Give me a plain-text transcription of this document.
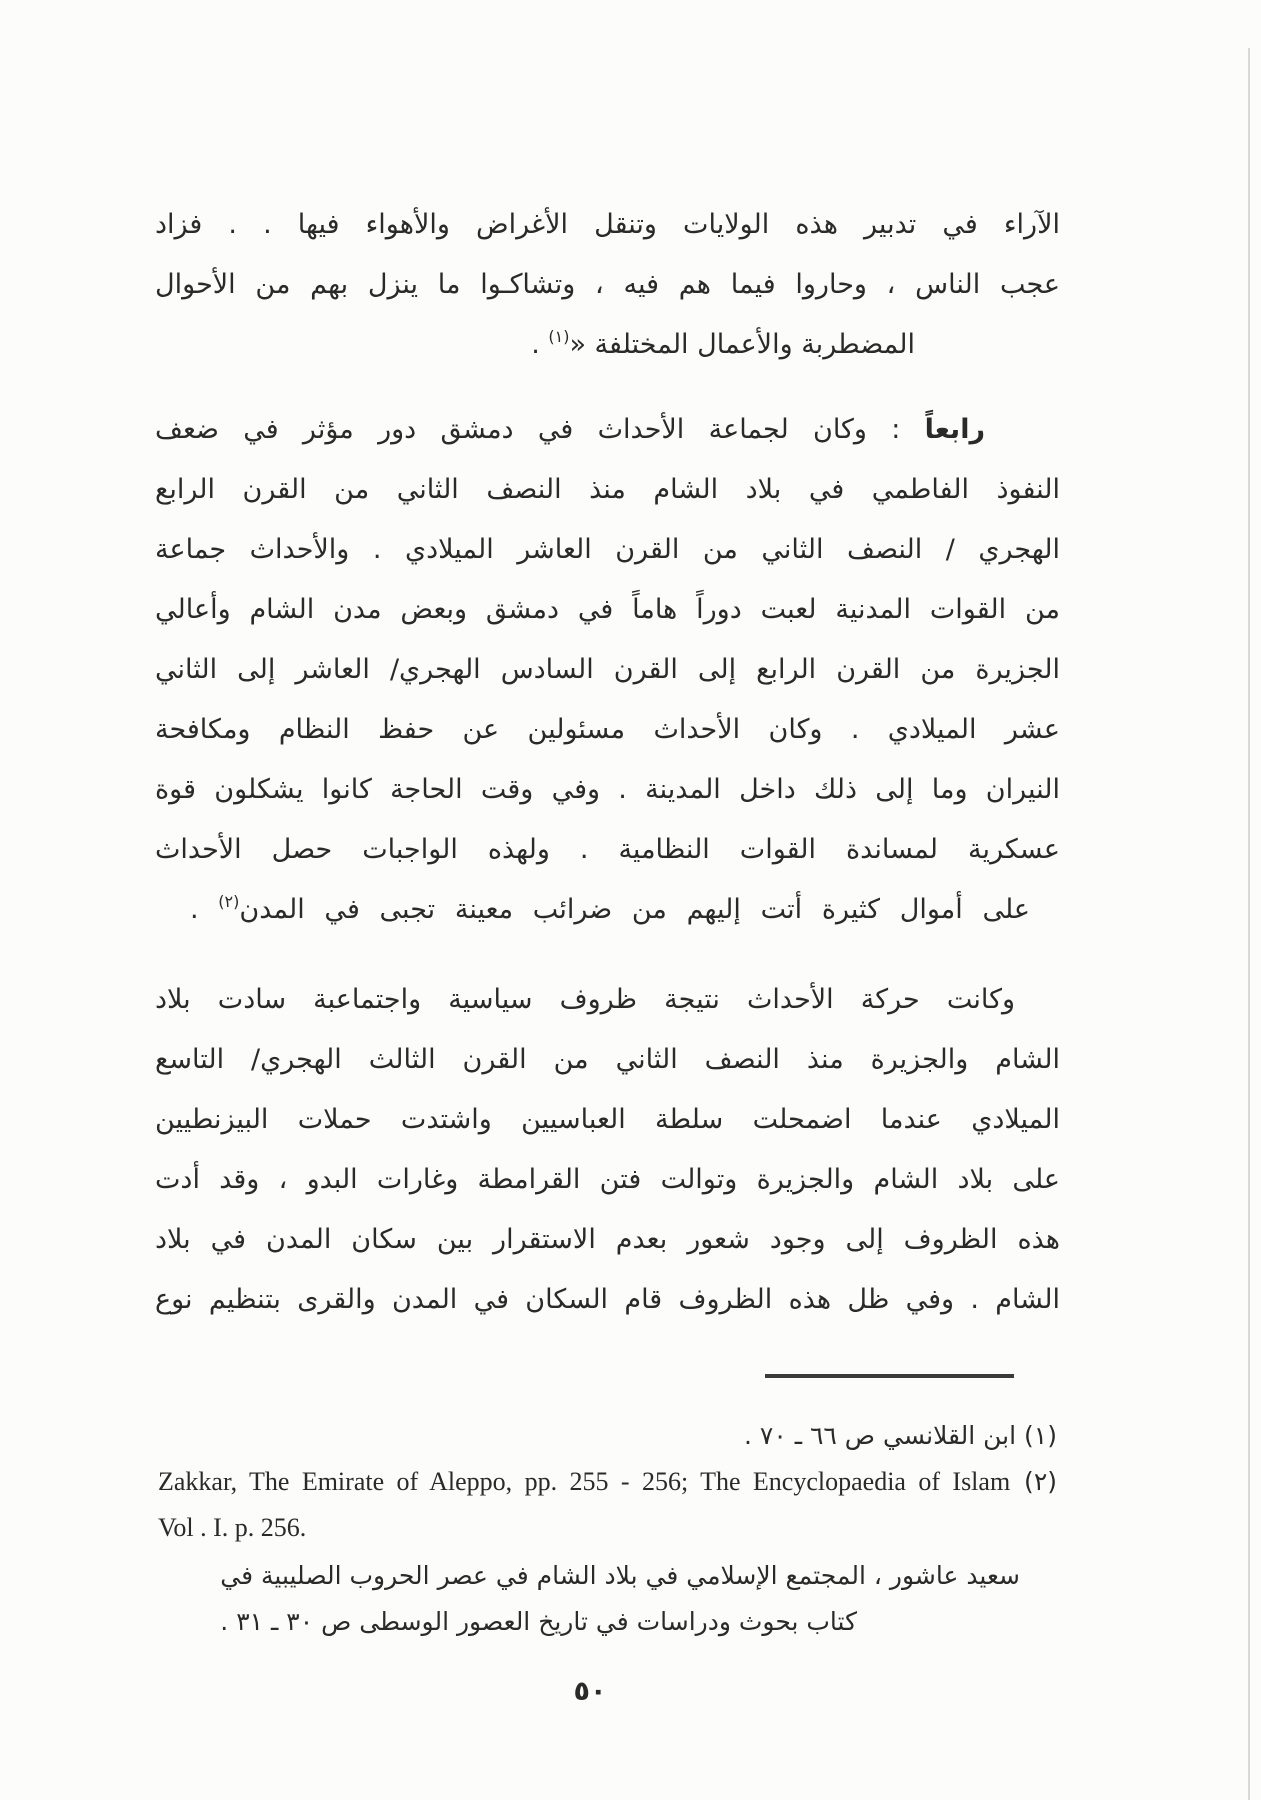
الآراء في تدبير هذه الولايات وتنقل الأغراض والأهواء فيها . . فزاد
عجب الناس ، وحاروا فيما هم فيه ، وتشاكـوا ما ينزل بهم من الأحوال
المضطربة والأعمال المختلفة «$^{(١)}$ .
رابعاً : وكان لجماعة الأحداث في دمشق دور مؤثر في ضعف
النفوذ الفاطمي في بلاد الشام منذ النصف الثاني من القرن الرابع
الهجري / النصف الثاني من القرن العاشر الميلادي . والأحداث جماعة
من القوات المدنية لعبت دوراً هاماً في دمشق وبعض مدن الشام وأعالي
الجزيرة من القرن الرابع إلى القرن السادس الهجري/ العاشر إلى الثاني
عشر الميلادي . وكان الأحداث مسئولين عن حفظ النظام ومكافحة
النيران وما إلى ذلك داخل المدينة . وفي وقت الحاجة كانوا يشكلون قوة
عسكرية لمساندة القوات النظامية . ولهذه الواجبات حصل الأحداث
على أموال كثيرة أتت إليهم من ضرائب معينة تجبى في المدن$^{(٢)}$ .
وكانت حركة الأحداث نتيجة ظروف سياسية واجتماعبة سادت بلاد
الشام والجزيرة منذ النصف الثاني من القرن الثالث الهجري/ التاسع
الميلادي عندما اضمحلت سلطة العباسيين واشتدت حملات البيزنطيين
على بلاد الشام والجزيرة وتوالت فتن القرامطة وغارات البدو ، وقد أدت
هذه الظروف إلى وجود شعور بعدم الاستقرار بين سكان المدن في بلاد
الشام . وفي ظل هذه الظروف قام السكان في المدن والقرى بتنظيم نوع
(١) ابن القلانسي ص ٦٦ ـ ٧٠ .
(٢) Zakkar, The Emirate of Aleppo, pp. 255 - 256; The Encyclopaedia of Islam
Vol . I. p. 256.
سعيد عاشور ، المجتمع الإسلامي في بلاد الشام في عصر الحروب الصليبية في
كتاب بحوث ودراسات في تاريخ العصور الوسطى ص ٣٠ ـ ٣١ .
٥٠
